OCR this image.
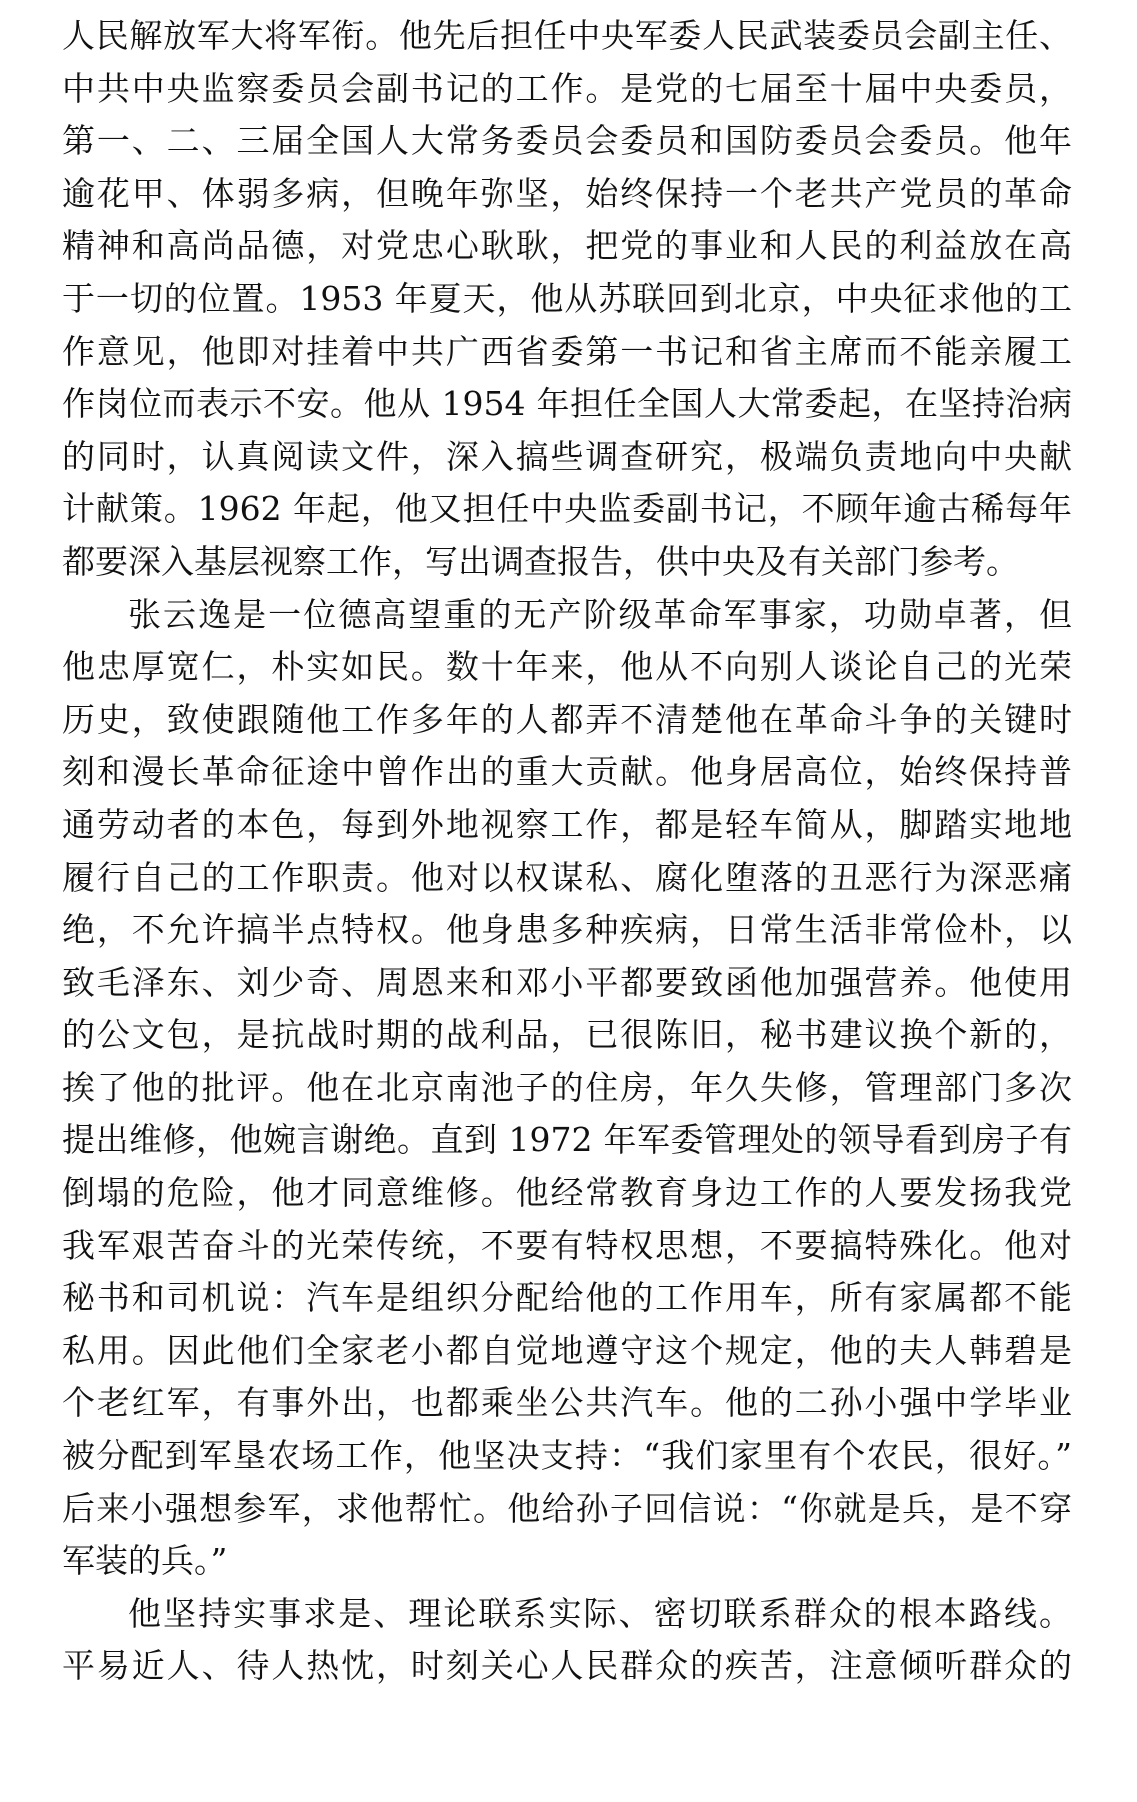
人民解放军大将军衔。他先后担任中央军委人民武装委员会副主任、
中共中央监察委员会副书记的工作。是党的七届至十届中央委员，
第一、二、三届全国人大常务委员会委员和国防委员会委员。他年
逾花甲、体弱多病，但晚年弥坚，始终保持一个老共产党员的革命
精神和高尚品德，对党忠心耿耿，把党的事业和人民的利益放在高
于一切的位置。1953 年夏天，他从苏联回到北京，中央征求他的工
作意见，他即对挂着中共广西省委第一书记和省主席而不能亲履工
作岗位而表示不安。他从 1954 年担任全国人大常委起，在坚持治病
的同时，认真阅读文件，深入搞些调查研究，极端负责地向中央献
计献策。1962 年起，他又担任中央监委副书记，不顾年逾古稀每年
都要深入基层视察工作，写出调查报告，供中央及有关部门参考。
张云逸是一位德高望重的无产阶级革命军事家，功勋卓著，但
他忠厚宽仁，朴实如民。数十年来，他从不向别人谈论自己的光荣
历史，致使跟随他工作多年的人都弄不清楚他在革命斗争的关键时
刻和漫长革命征途中曾作出的重大贡献。他身居高位，始终保持普
通劳动者的本色，每到外地视察工作，都是轻车简从，脚踏实地地
履行自己的工作职责。他对以权谋私、腐化堕落的丑恶行为深恶痛
绝，不允许搞半点特权。他身患多种疾病，日常生活非常俭朴，以
致毛泽东、刘少奇、周恩来和邓小平都要致函他加强营养。他使用
的公文包，是抗战时期的战利品，已很陈旧，秘书建议换个新的，
挨了他的批评。他在北京南池子的住房，年久失修，管理部门多次
提出维修，他婉言谢绝。直到 1972 年军委管理处的领导看到房子有
倒塌的危险，他才同意维修。他经常教育身边工作的人要发扬我党
我军艰苦奋斗的光荣传统，不要有特权思想，不要搞特殊化。他对
秘书和司机说：汽车是组织分配给他的工作用车，所有家属都不能
私用。因此他们全家老小都自觉地遵守这个规定，他的夫人韩碧是
个老红军，有事外出，也都乘坐公共汽车。他的二孙小强中学毕业
被分配到军垦农场工作，他坚决支持：“我们家里有个农民，很好。”
后来小强想参军，求他帮忙。他给孙子回信说：“你就是兵，是不穿
军装的兵。”
他坚持实事求是、理论联系实际、密切联系群众的根本路线。
平易近人、待人热忱，时刻关心人民群众的疾苦，注意倾听群众的
